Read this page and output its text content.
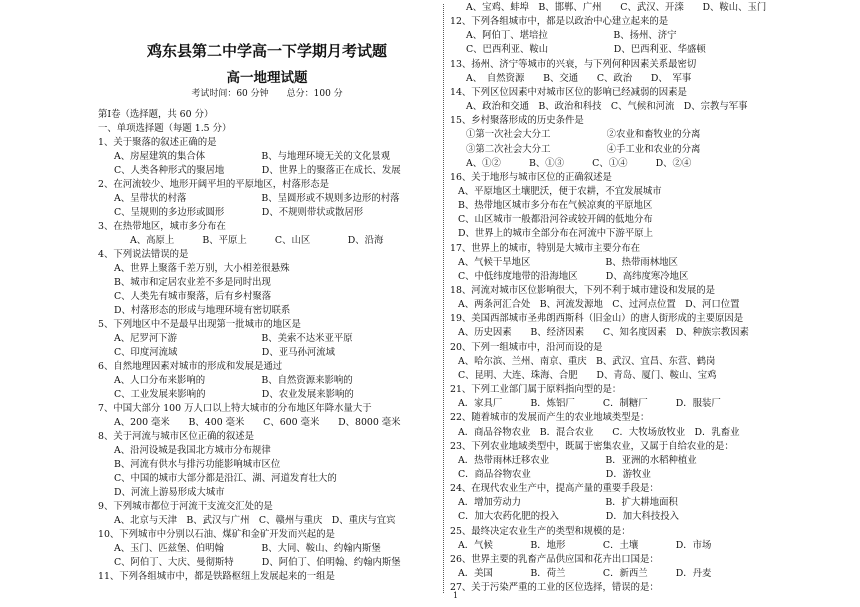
鸡东县第二中学高一下学期月考试题
高一地理试题
考试时间：60 分钟　　总分：100 分
第Ⅰ卷（选择题，共 60 分）
一、单项选择题（每题 1.5 分）
1、关于聚落的叙述正确的是
A、房屋建筑的集合体　　　　　　B、与地理环境无关的文化景观
C、人类各种形式的聚居地　　　　D、世界上的聚落正在成长、发展
2、在河流较少、地形开阔平坦的平原地区，村落形态是
A、呈带状的村落　　　　　　　　B、呈圆形或不规则多边形的村落
C、呈规则的多边形或圆形　　　　D、不规则带状或散居形
3、在热带地区，城市多分布在
A、高原上　　　B、平原上　　　C、山区　　　　D、沿海
4、下列说法错误的是
A、世界上聚落千差万别，大小相差很悬殊
B、城市和定居农业差不多是同时出现
C、人类先有城市聚落，后有乡村聚落
D、村落形态的形成与地理环境有密切联系
5、下列地区中不是最早出现第一批城市的地区是
A、尼罗河下游　　　　　　　　　B、美索不达米亚平原
C、印度河流域　　　　　　　　　D、亚马孙河流域
6、自然地理因素对城市的形成和发展是通过
A、人口分布来影响的　　　　　　B、自然资源来影响的
C、工业发展来影响的　　　　　　D、农业发展来影响的
7、中国大部分 100 万人口以上特大城市的分布地区年降水量大于
A、200 毫米　　B、400 毫米　　C、600 毫米　　D、8000 毫米
8、关于河流与城市区位正确的叙述是
A、沿河设城是我国北方城市分布规律
B、河流有供水与排污功能影响城市区位
C、中国的城市大部分都是沿江、湖、河道发育壮大的
D、河流上游易形成大城市
9、下列城市都位于河流干支流交汇处的是
A、北京与天津　B、武汉与广州　C、赣州与重庆　D、重庆与宜宾
10、下列城市中分别以石油、煤矿和金矿开发而兴起的是
A、玉门、匹兹堡、伯明翰　　　　B、大同、鞍山、约翰内斯堡
C、阿伯丁、大庆、曼彻斯特　　　D、阿伯丁、伯明翰、约翰内斯堡
11、下列各组城市中，都是铁路枢纽上发展起来的一组是
A、宝鸡、蚌埠　B、邯郸、广州　　C、武汉、开滦　　D、鞍山、玉门
12、下列各组城市中，都是以政治中心建立起来的是
A、阿伯丁、堪培拉　　　　　　　B、扬州、济宁
C、巴西利亚、鞍山　　　　　　　D、巴西利亚、华盛顿
13、扬州、济宁等城市的兴衰，与下列何种因素关系最密切
A、　自然资源　　B、交通　　C、政治　　D、　军事
14、下列区位因素中对城市区位的影响已经减弱的因素是
A、政治和交通　B、政治和科技　C、气候和河流　D、宗教与军事
15、乡村聚落形成的历史条件是
①第一次社会大分工　　　　　　②农业和畜牧业的分离
③第二次社会大分工　　　　　　④手工业和农业的分离
A、①②　　　B、①③　　　C、①④　　　D、②④
16、关于地形与城市区位的正确叙述是
A、平原地区土壤肥沃，便于农耕，不宜发展城市
B、热带地区城市多分布在气候凉爽的平原地区
C、山区城市一般都沿河谷或较开阔的低地分布
D、世界上的城市全部分布在河流中下游平原上
17、世界上的城市，特别是大城市主要分布在
A、气候干旱地区　　　　　　　　B、热带雨林地区
C、中低纬度地带的沿海地区　　　D、高纬度寒冷地区
18、河流对城市区位影响很大，下列不利于城市建设和发展的是
A、两条河汇合处　B、河流发源地　C、过河点位置　D、河口位置
19、美国西部城市圣弗朗西斯科（旧金山）的唐人街形成的主要原因是
A、历史因素　　B、经济因素　　C、知名度因素　D、种族宗教因素
20、下列一组城市中，沿河而设的是
A、哈尔滨、兰州、南京、重庆　B、武汉、宜昌、东营、鹤岗
C、昆明、大连、珠海、合肥　　D、青岛、厦门、鞍山、宝鸡
21、下列工业部门属于原料指向型的是：
A．家具厂　　　B．炼铝厂　　　C．制糖厂　　　D．服装厂
22、随着城市的发展而产生的农业地域类型是：
A．商品谷物农业　B．混合农业　　C．大牧场放牧业　D．乳畜业
23、下列农业地域类型中，既属于密集农业，又属于自给农业的是：
A．热带雨林迁移农业　　　　　　B．亚洲的水稻种植业
C．商品谷物农业　　　　　　　　D．游牧业
24、在现代农业生产中，提高产量的重要手段是：
A．增加劳动力　　　　　　　　　B．扩大耕地面积
C．加大农药化肥的投入　　　　　D．加大科技投入
25、最终决定农业生产的类型和规模的是：
A．气候　　　　B．地形　　　　C．土壤　　　　D．市场
26、世界主要的乳畜产品供应国和花卉出口国是：
A．美国　　　　B．荷兰　　　　C．新西兰　　　D．丹麦
27、关于污染严重的工业的区位选择，错误的是：
1
